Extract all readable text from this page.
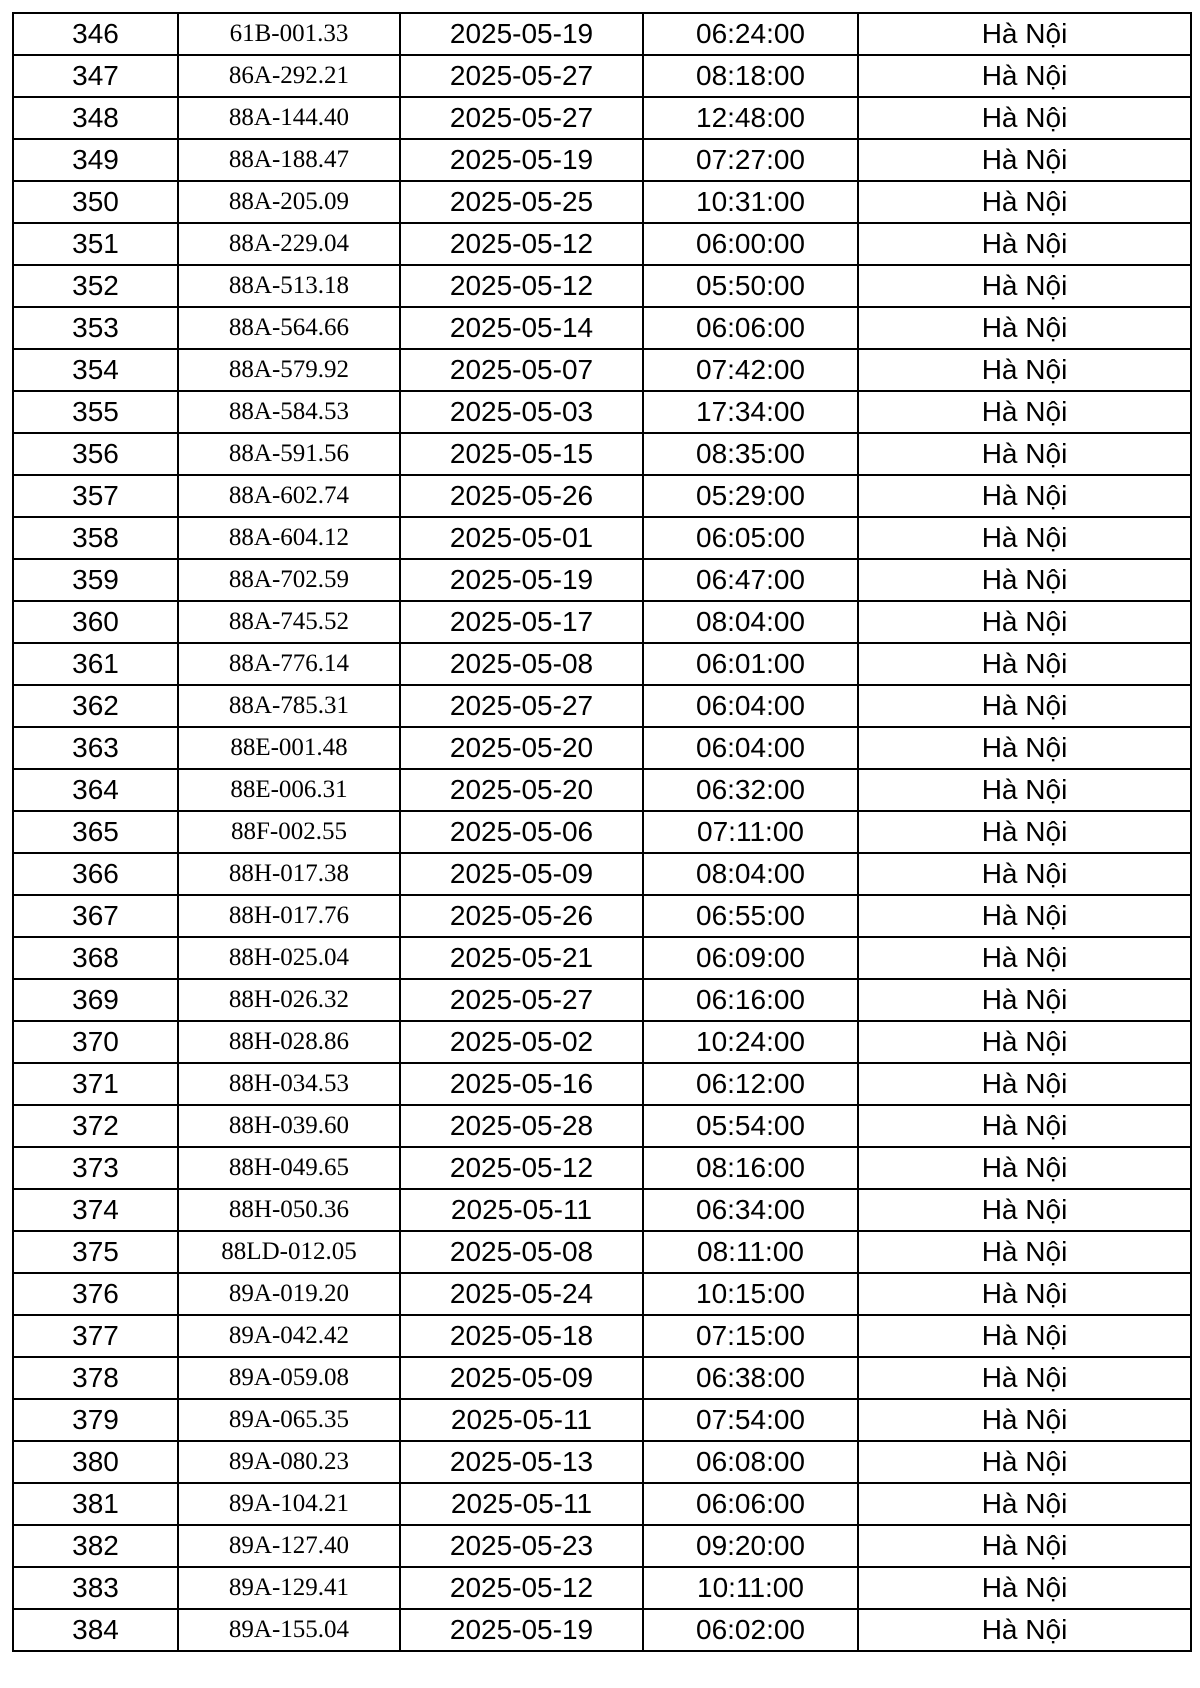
346	61B-001.33	2025-05-19	06:24:00	Hà Nội
347	86A-292.21	2025-05-27	08:18:00	Hà Nội
348	88A-144.40	2025-05-27	12:48:00	Hà Nội
349	88A-188.47	2025-05-19	07:27:00	Hà Nội
350	88A-205.09	2025-05-25	10:31:00	Hà Nội
351	88A-229.04	2025-05-12	06:00:00	Hà Nội
352	88A-513.18	2025-05-12	05:50:00	Hà Nội
353	88A-564.66	2025-05-14	06:06:00	Hà Nội
354	88A-579.92	2025-05-07	07:42:00	Hà Nội
355	88A-584.53	2025-05-03	17:34:00	Hà Nội
356	88A-591.56	2025-05-15	08:35:00	Hà Nội
357	88A-602.74	2025-05-26	05:29:00	Hà Nội
358	88A-604.12	2025-05-01	06:05:00	Hà Nội
359	88A-702.59	2025-05-19	06:47:00	Hà Nội
360	88A-745.52	2025-05-17	08:04:00	Hà Nội
361	88A-776.14	2025-05-08	06:01:00	Hà Nội
362	88A-785.31	2025-05-27	06:04:00	Hà Nội
363	88E-001.48	2025-05-20	06:04:00	Hà Nội
364	88E-006.31	2025-05-20	06:32:00	Hà Nội
365	88F-002.55	2025-05-06	07:11:00	Hà Nội
366	88H-017.38	2025-05-09	08:04:00	Hà Nội
367	88H-017.76	2025-05-26	06:55:00	Hà Nội
368	88H-025.04	2025-05-21	06:09:00	Hà Nội
369	88H-026.32	2025-05-27	06:16:00	Hà Nội
370	88H-028.86	2025-05-02	10:24:00	Hà Nội
371	88H-034.53	2025-05-16	06:12:00	Hà Nội
372	88H-039.60	2025-05-28	05:54:00	Hà Nội
373	88H-049.65	2025-05-12	08:16:00	Hà Nội
374	88H-050.36	2025-05-11	06:34:00	Hà Nội
375	88LD-012.05	2025-05-08	08:11:00	Hà Nội
376	89A-019.20	2025-05-24	10:15:00	Hà Nội
377	89A-042.42	2025-05-18	07:15:00	Hà Nội
378	89A-059.08	2025-05-09	06:38:00	Hà Nội
379	89A-065.35	2025-05-11	07:54:00	Hà Nội
380	89A-080.23	2025-05-13	06:08:00	Hà Nội
381	89A-104.21	2025-05-11	06:06:00	Hà Nội
382	89A-127.40	2025-05-23	09:20:00	Hà Nội
383	89A-129.41	2025-05-12	10:11:00	Hà Nội
384	89A-155.04	2025-05-19	06:02:00	Hà Nội
